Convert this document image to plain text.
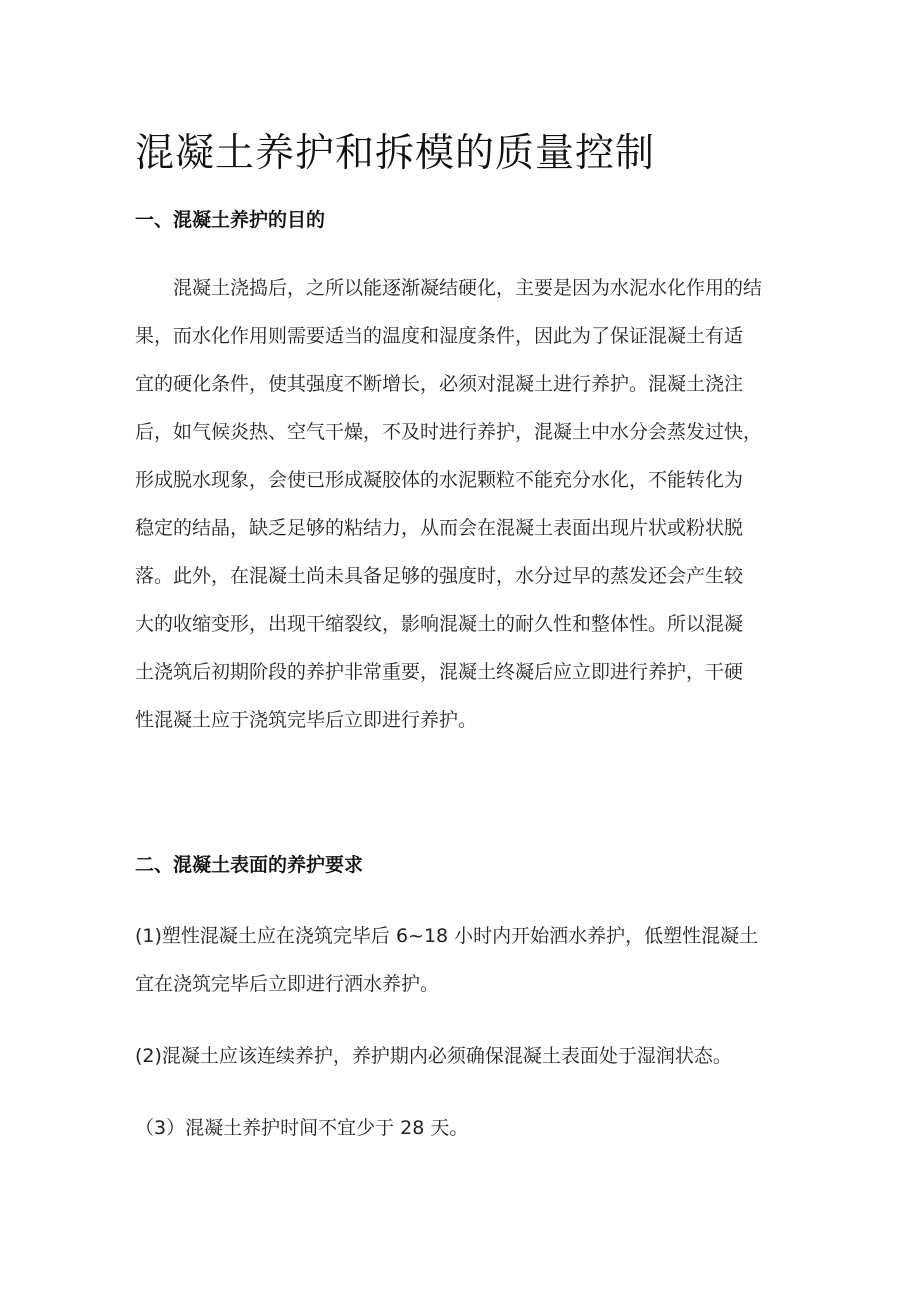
混凝土养护和拆模的质量控制
一、混凝土养护的目的
　　混凝土浇捣后，之所以能逐渐凝结硬化，主要是因为水泥水化作用的结
果，而水化作用则需要适当的温度和湿度条件，因此为了保证混凝土有适
宜的硬化条件，使其强度不断增长，必须对混凝土进行养护。混凝土浇注
后，如气候炎热、空气干燥，不及时进行养护，混凝土中水分会蒸发过快，
形成脱水现象，会使已形成凝胶体的水泥颗粒不能充分水化，不能转化为
稳定的结晶，缺乏足够的粘结力，从而会在混凝土表面出现片状或粉状脱
落。此外，在混凝土尚未具备足够的强度时，水分过早的蒸发还会产生较
大的收缩变形，出现干缩裂纹，影响混凝土的耐久性和整体性。所以混凝
土浇筑后初期阶段的养护非常重要，混凝土终凝后应立即进行养护，干硬
性混凝土应于浇筑完毕后立即进行养护。
二、混凝土表面的养护要求
(1)塑性混凝土应在浇筑完毕后 6~18 小时内开始洒水养护，低塑性混凝土
宜在浇筑完毕后立即进行洒水养护。
(2)混凝土应该连续养护，养护期内必须确保混凝土表面处于湿润状态。
（3）混凝土养护时间不宜少于 28 天。
